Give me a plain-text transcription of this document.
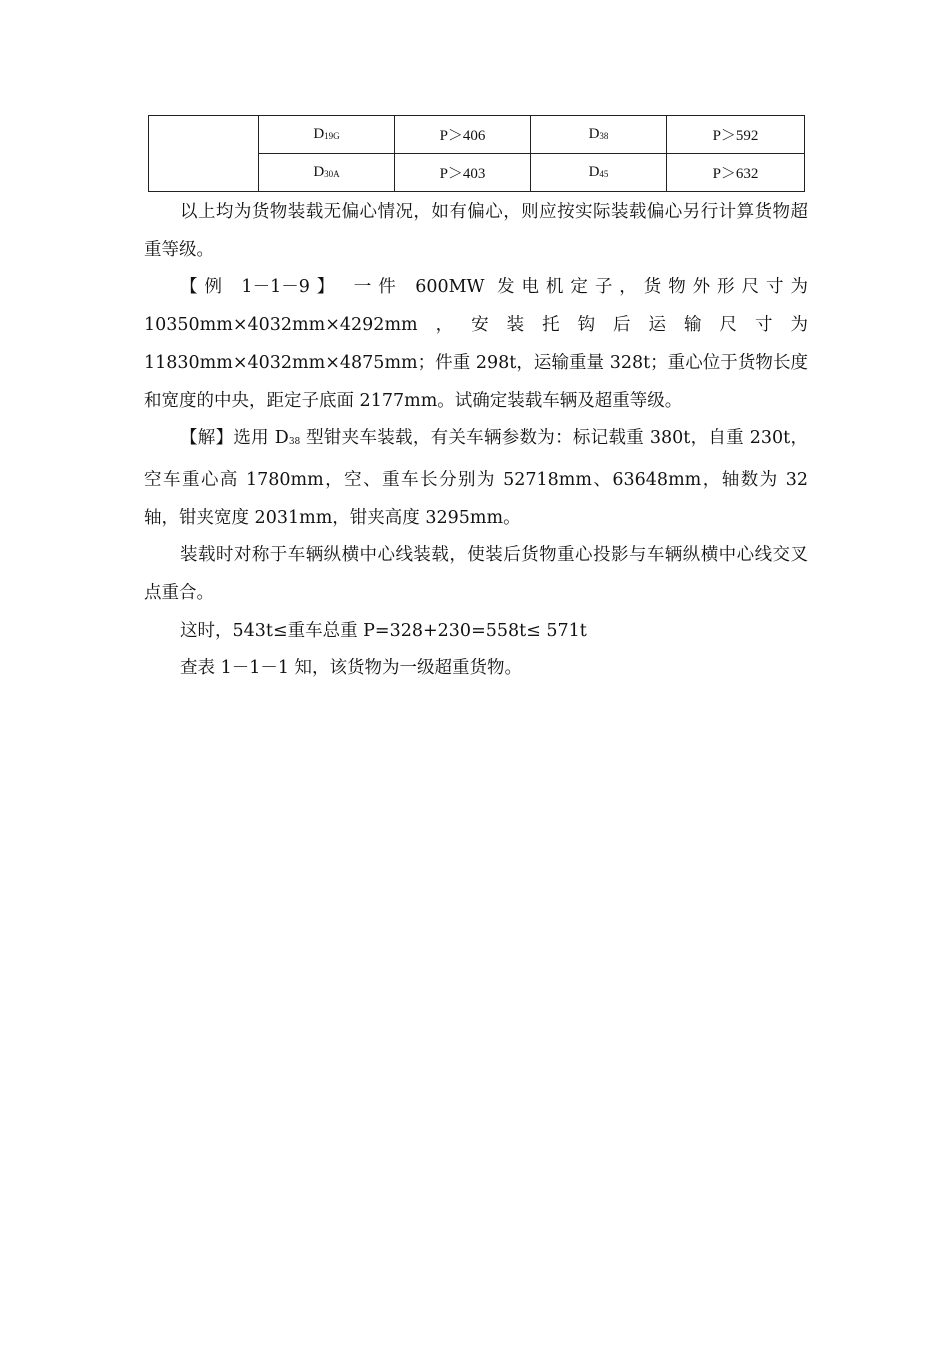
	$D_{19G}$	P＞406	$D_{38}$	P＞592
	$D_{30A}$	P＞403	$D_{45}$	P＞632

以上均为货物装载无偏心情况，如有偏心，则应按实际装载偏心另行计算货物超重等级。

【例 1－1－9】 一件 600MW 发电机定子，货物外形尺寸为 10350mm×4032mm×4292mm，安装托钩后运输尺寸为 11830mm×4032mm×4875mm；件重 298t，运输重量 328t；重心位于货物长度和宽度的中央，距定子底面 2177mm。试确定装载车辆及超重等级。

【解】选用 $D_{38}$ 型钳夹车装载，有关车辆参数为：标记载重 380t，自重 230t，空车重心高 1780mm，空、重车长分别为 52718mm、63648mm，轴数为 32 轴，钳夹宽度 2031mm，钳夹高度 3295mm。

装载时对称于车辆纵横中心线装载，使装后货物重心投影与车辆纵横中心线交叉点重合。

这时，543t≤重车总重 P=328+230=558t≤ 571t

查表 1－1－1 知，该货物为一级超重货物。
